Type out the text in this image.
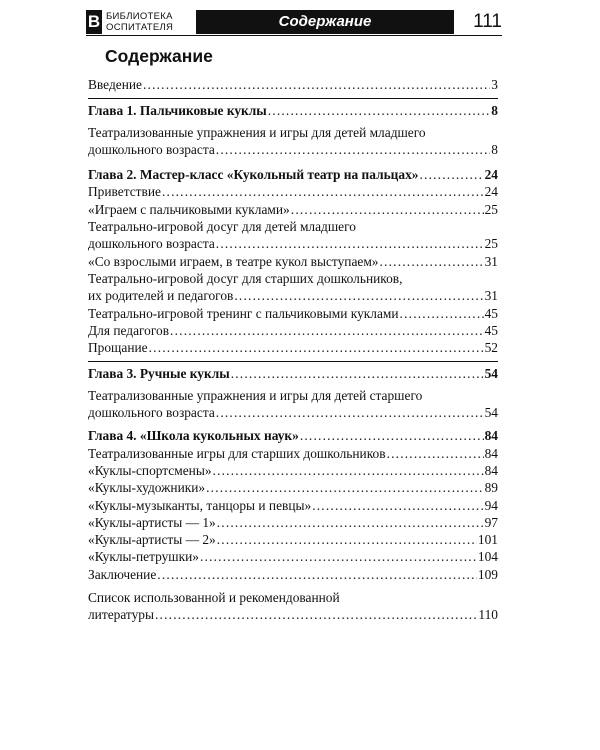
B БИБЛИОТЕКА
ОСПИТАТЕЛЯ	Содержание	111
Содержание
Введение .....	3
Глава 1. Пальчиковые куклы .....	8
Театрализованные упражнения и игры для детей младшего
дошкольного возраста .....	8
Глава 2. Мастер-класс «Кукольный театр на пальцах» .....	24
Приветствие .....	24
«Играем с пальчиковыми куклами» .....	25
Театрально-игровой досуг для детей младшего
дошкольного возраста .....	25
«Со взрослыми играем, в театре кукол выступаем» .....	31
Театрально-игровой досуг для старших дошкольников,
их родителей и педагогов .....	31
Театрально-игровой тренинг с пальчиковыми куклами .....	45
Для педагогов .....	45
Прощание .....	52
Глава 3. Ручные куклы .....	54
Театрализованные упражнения и игры для детей старшего
дошкольного возраста .....	54
Глава 4. «Школа кукольных наук» .....	84
Театрализованные игры для старших дошкольников .....	84
«Куклы-спортсмены» .....	84
«Куклы-художники» .....	89
«Куклы-музыканты, танцоры и певцы» .....	94
«Куклы-артисты — 1» .....	97
«Куклы-артисты — 2» .....	101
«Куклы-петрушки» .....	104
Заключение .....	109
Список использованной и рекомендованной
литературы .....	110
